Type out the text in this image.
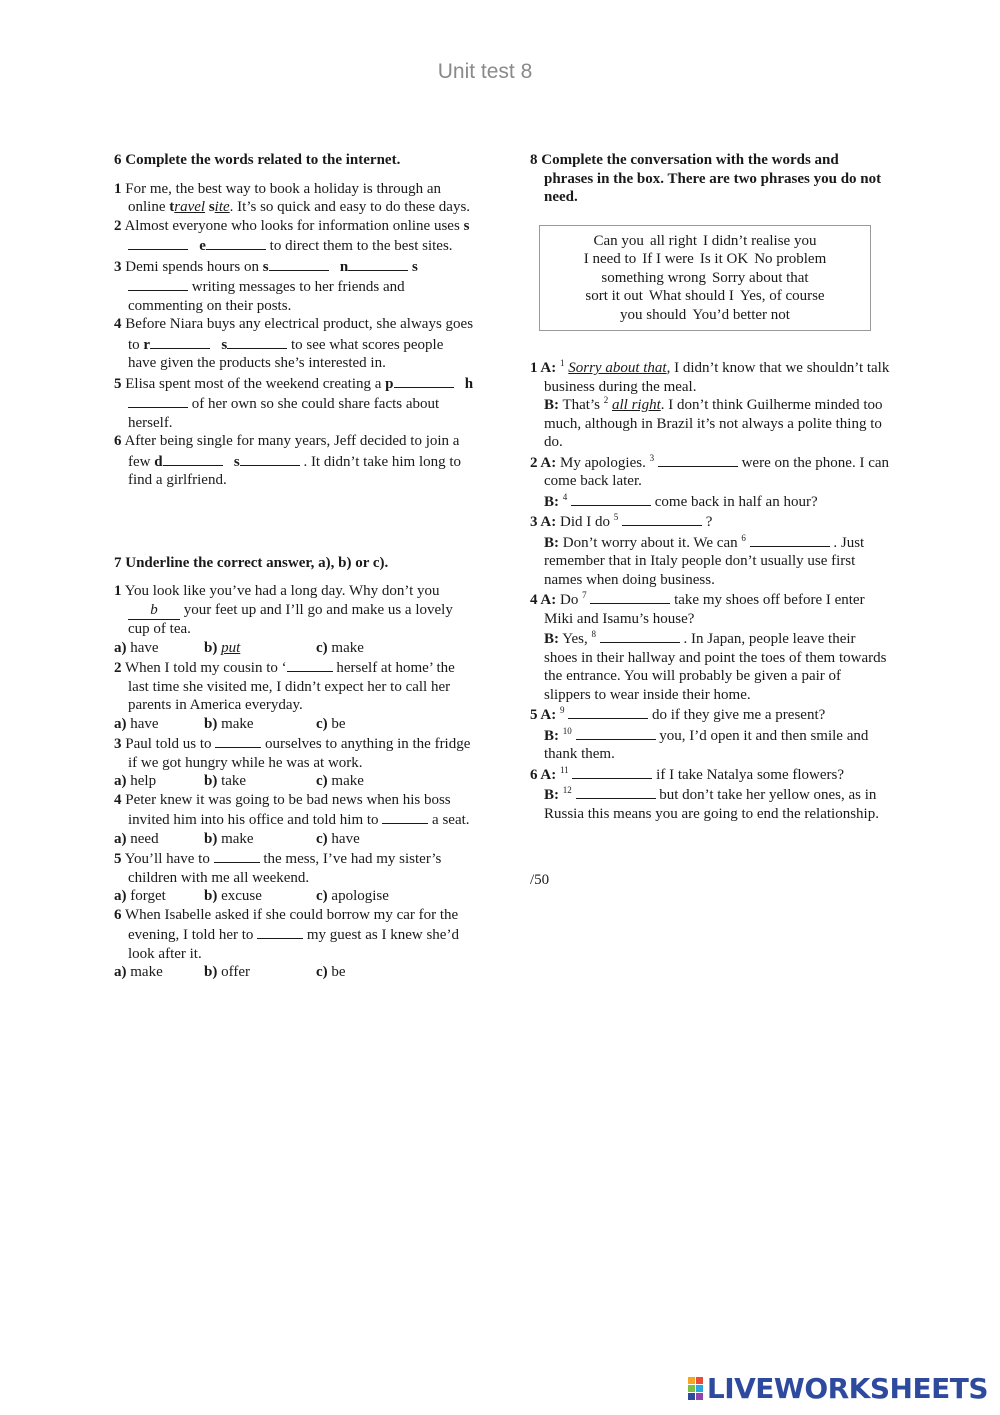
Unit test 8

6 Complete the words related to the internet.

1 For me, the best way to book a holiday is through an online travel site. It’s so quick and easy to do these days.

2 Almost everyone who looks for information online uses s   e	to direct them to the best sites.

3 Demi spends hours on s	n	s writing messages to her friends and commenting on their posts.

4 Before Niara buys any electrical product, she always goes to r	s	to see what scores people have given the products she’s interested in.

5 Elisa spent most of the weekend creating a p	h of her own so she could share facts about herself.

6 After being single for many years, Jeff decided to join a few d	s	. It didn’t take him long to find a girlfriend.

7 Underline the correct answer, a), b) or c).

1 You look like you’ve had a long day. Why don’t you b your feet up and I’ll go and make us a lovely cup of tea.

a) have	b) put	c) make

2 When I told my cousin to ‘	herself at home’ the last time she visited me, I didn’t expect her to call her parents in America everyday.

a) have	b) make	c) be

3 Paul told us to	ourselves to anything in the fridge if we got hungry while he was at work.

a) help	b) take	c) make

4 Peter knew it was going to be bad news when his boss invited him into his office and told him to	a seat.

a) need	b) make	c) have

5 You’ll have to	the mess, I’ve had my sister’s children with me all weekend.

a) forget	b) excuse	c) apologise

6 When Isabelle asked if she could borrow my car for the evening, I told her to	my guest as I knew she’d look after it.

a) make	b) offer	c) be

8 Complete the conversation with the words and phrases in the box. There are two phrases you do not need.

Can you all right I didn’t realise you
I need to If I were Is it OK No problem
something wrong Sorry about that
sort it out What should I Yes, of course
you should You’d better not

1 A: $^1$ Sorry about that, I didn’t know that we shouldn’t talk business during the meal.
B: That’s $^2$ all right. I don’t think Guilherme minded too much, although in Brazil it’s not always a polite thing to do.

2 A: My apologies. $^3$	were on the phone. I can come back later.
B: $^4$	come back in half an hour?

3 A: Did I do $^5$	?
B: Don’t worry about it. We can $^6$	. Just remember that in Italy people don’t usually use first names when doing business.

4 A: Do $^7$	take my shoes off before I enter Miki and Isamu’s house?
B: Yes, $^8$	. In Japan, people leave their shoes in their hallway and point the toes of them towards the entrance. You will probably be given a pair of slippers to wear inside their home.

5 A: $^9$	do if they give me a present?
B: $^{10}$	you, I’d open it and then smile and thank them.

6 A: $^{11}$	if I take Natalya some flowers?
B: $^{12}$	but don’t take her yellow ones, as in Russia this means you are going to end the relationship.

/50
LIVEWORKSHEETS
